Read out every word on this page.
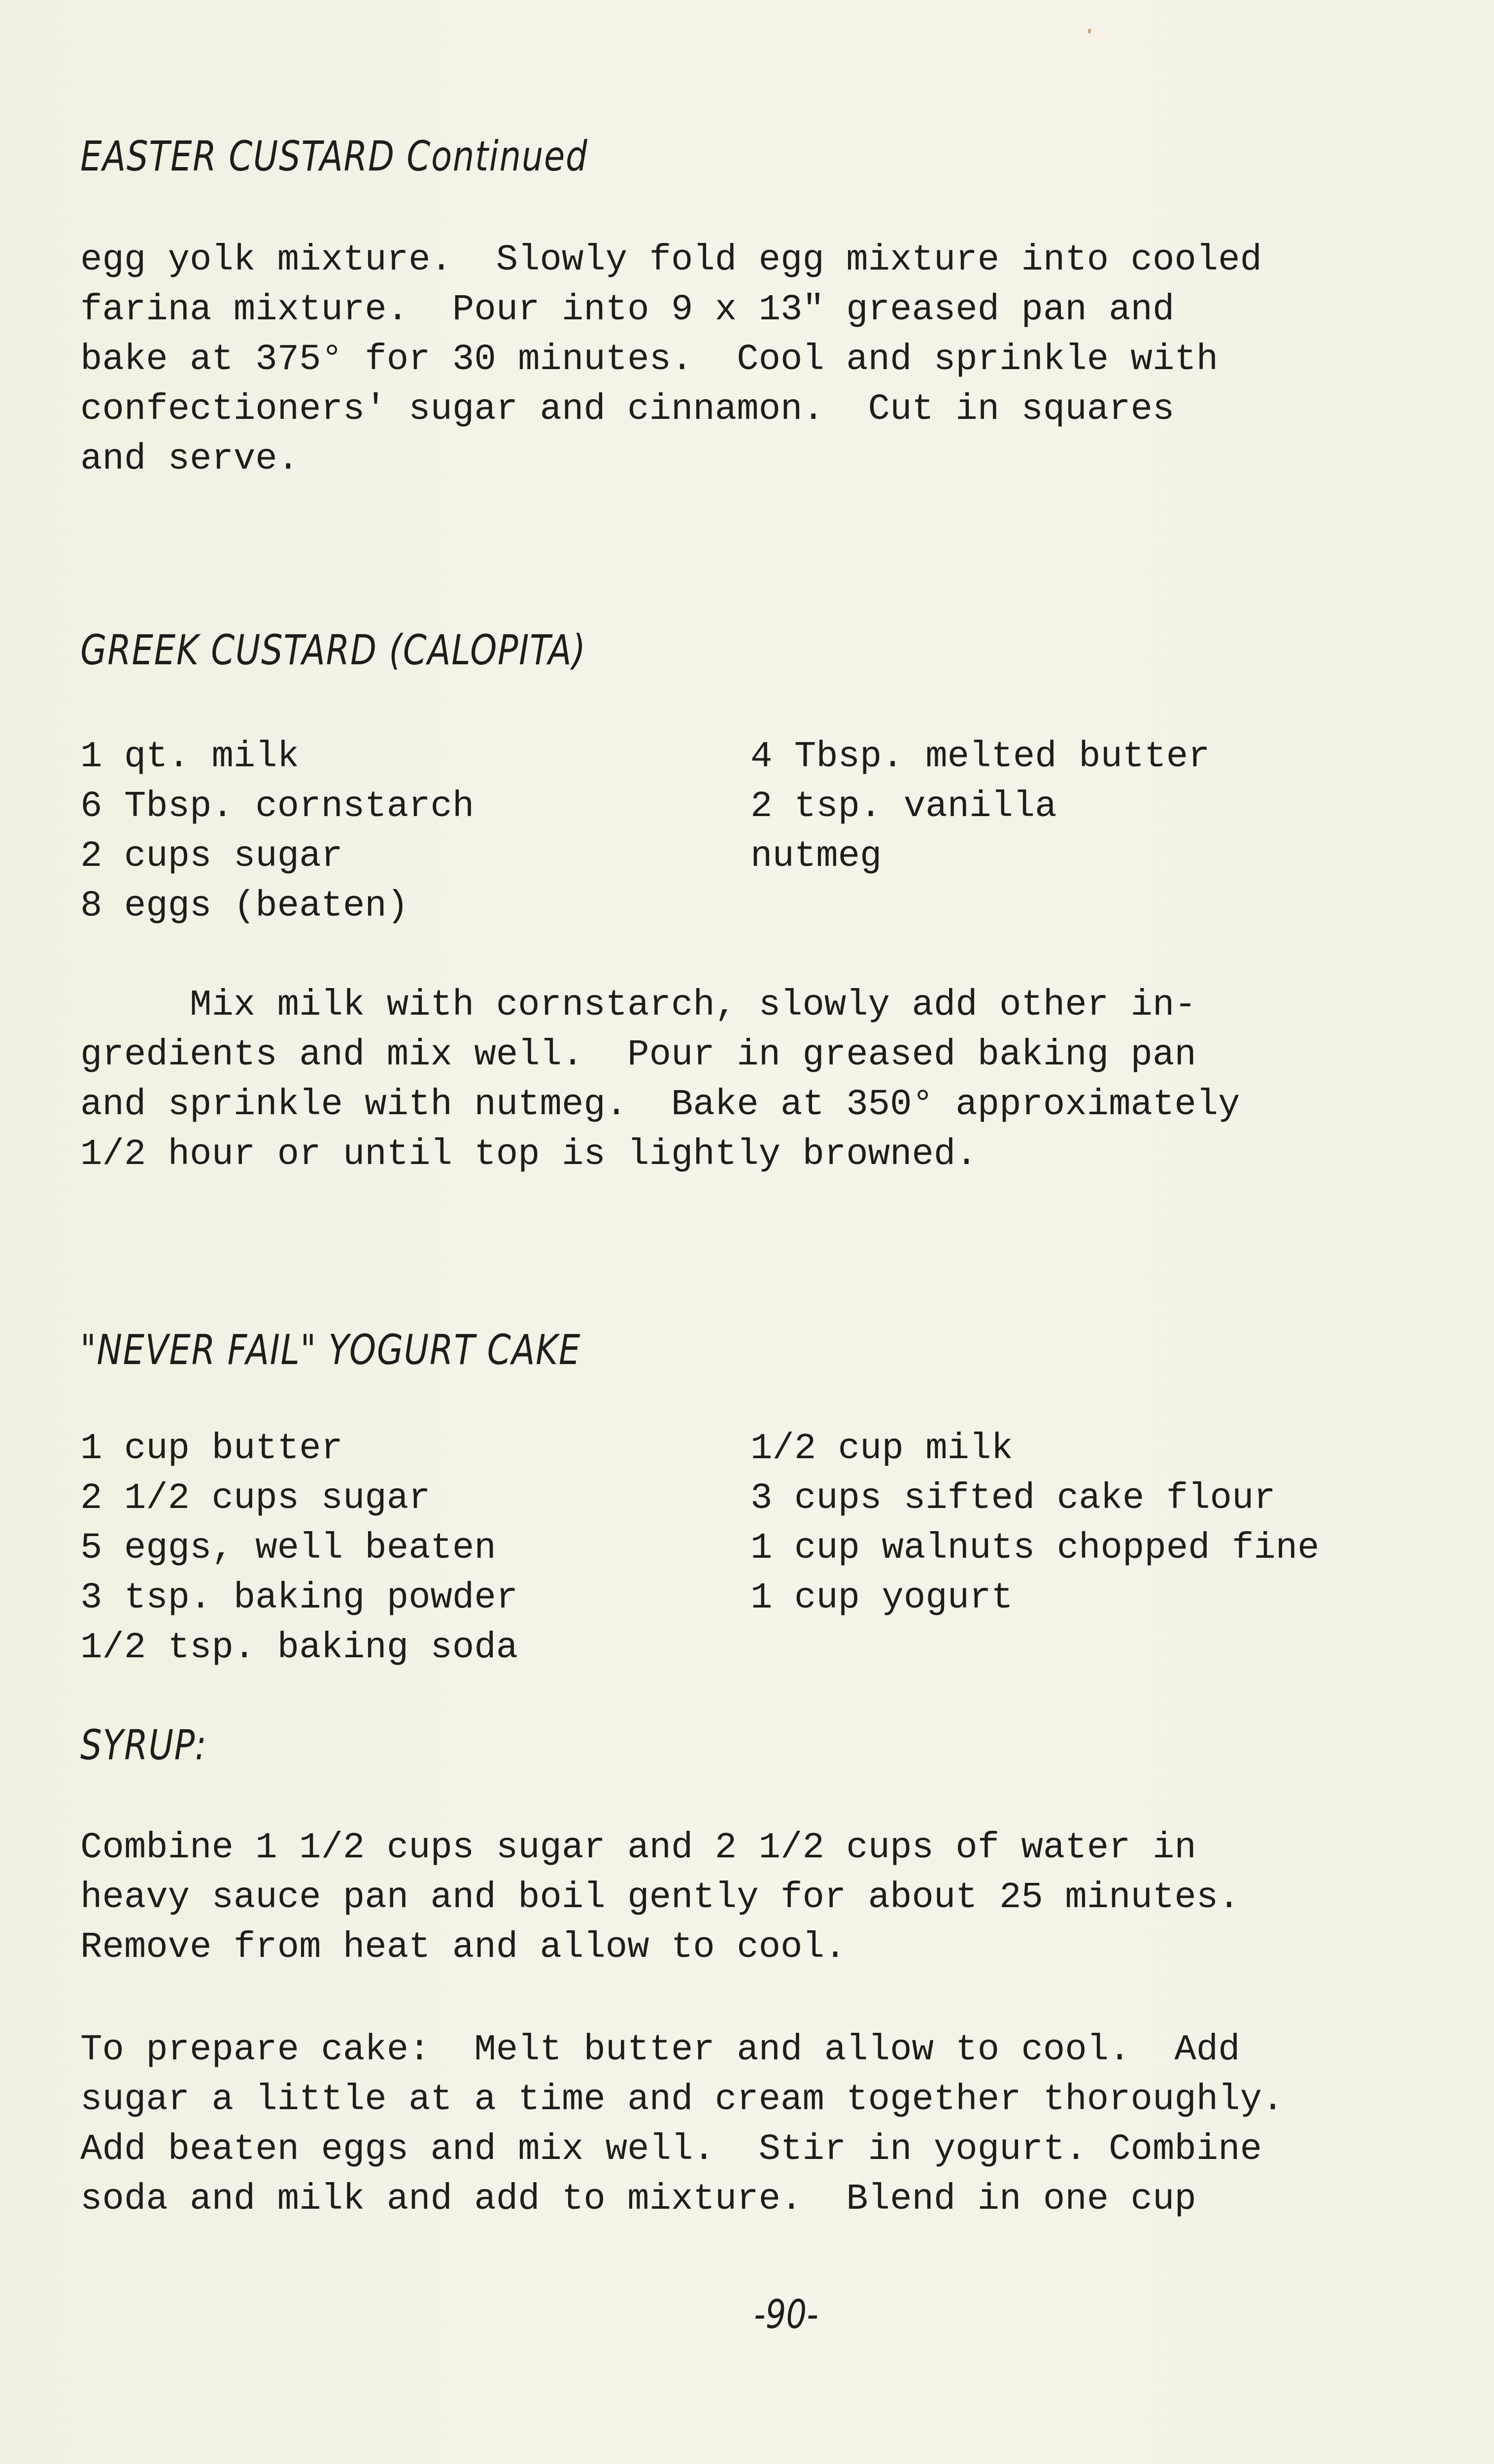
EASTER CUSTARD Continued
egg yolk mixture.  Slowly fold egg mixture into cooled
farina mixture.  Pour into 9 x 13" greased pan and
bake at 375° for 30 minutes.  Cool and sprinkle with
confectioners' sugar and cinnamon.  Cut in squares
and serve.
GREEK CUSTARD (CALOPITA)
1 qt. milk
6 Tbsp. cornstarch
2 cups sugar
8 eggs (beaten)
4 Tbsp. melted butter
2 tsp. vanilla
nutmeg
Mix milk with cornstarch, slowly add other in-
gredients and mix well.  Pour in greased baking pan
and sprinkle with nutmeg.  Bake at 350° approximately
1/2 hour or until top is lightly browned.
"NEVER FAIL" YOGURT CAKE
1 cup butter
2 1/2 cups sugar
5 eggs, well beaten
3 tsp. baking powder
1/2 tsp. baking soda
1/2 cup milk
3 cups sifted cake flour
1 cup walnuts chopped fine
1 cup yogurt
SYRUP:
Combine 1 1/2 cups sugar and 2 1/2 cups of water in
heavy sauce pan and boil gently for about 25 minutes.
Remove from heat and allow to cool.
To prepare cake:  Melt butter and allow to cool.  Add
sugar a little at a time and cream together thoroughly.
Add beaten eggs and mix well.  Stir in yogurt. Combine
soda and milk and add to mixture.  Blend in one cup
-90-
